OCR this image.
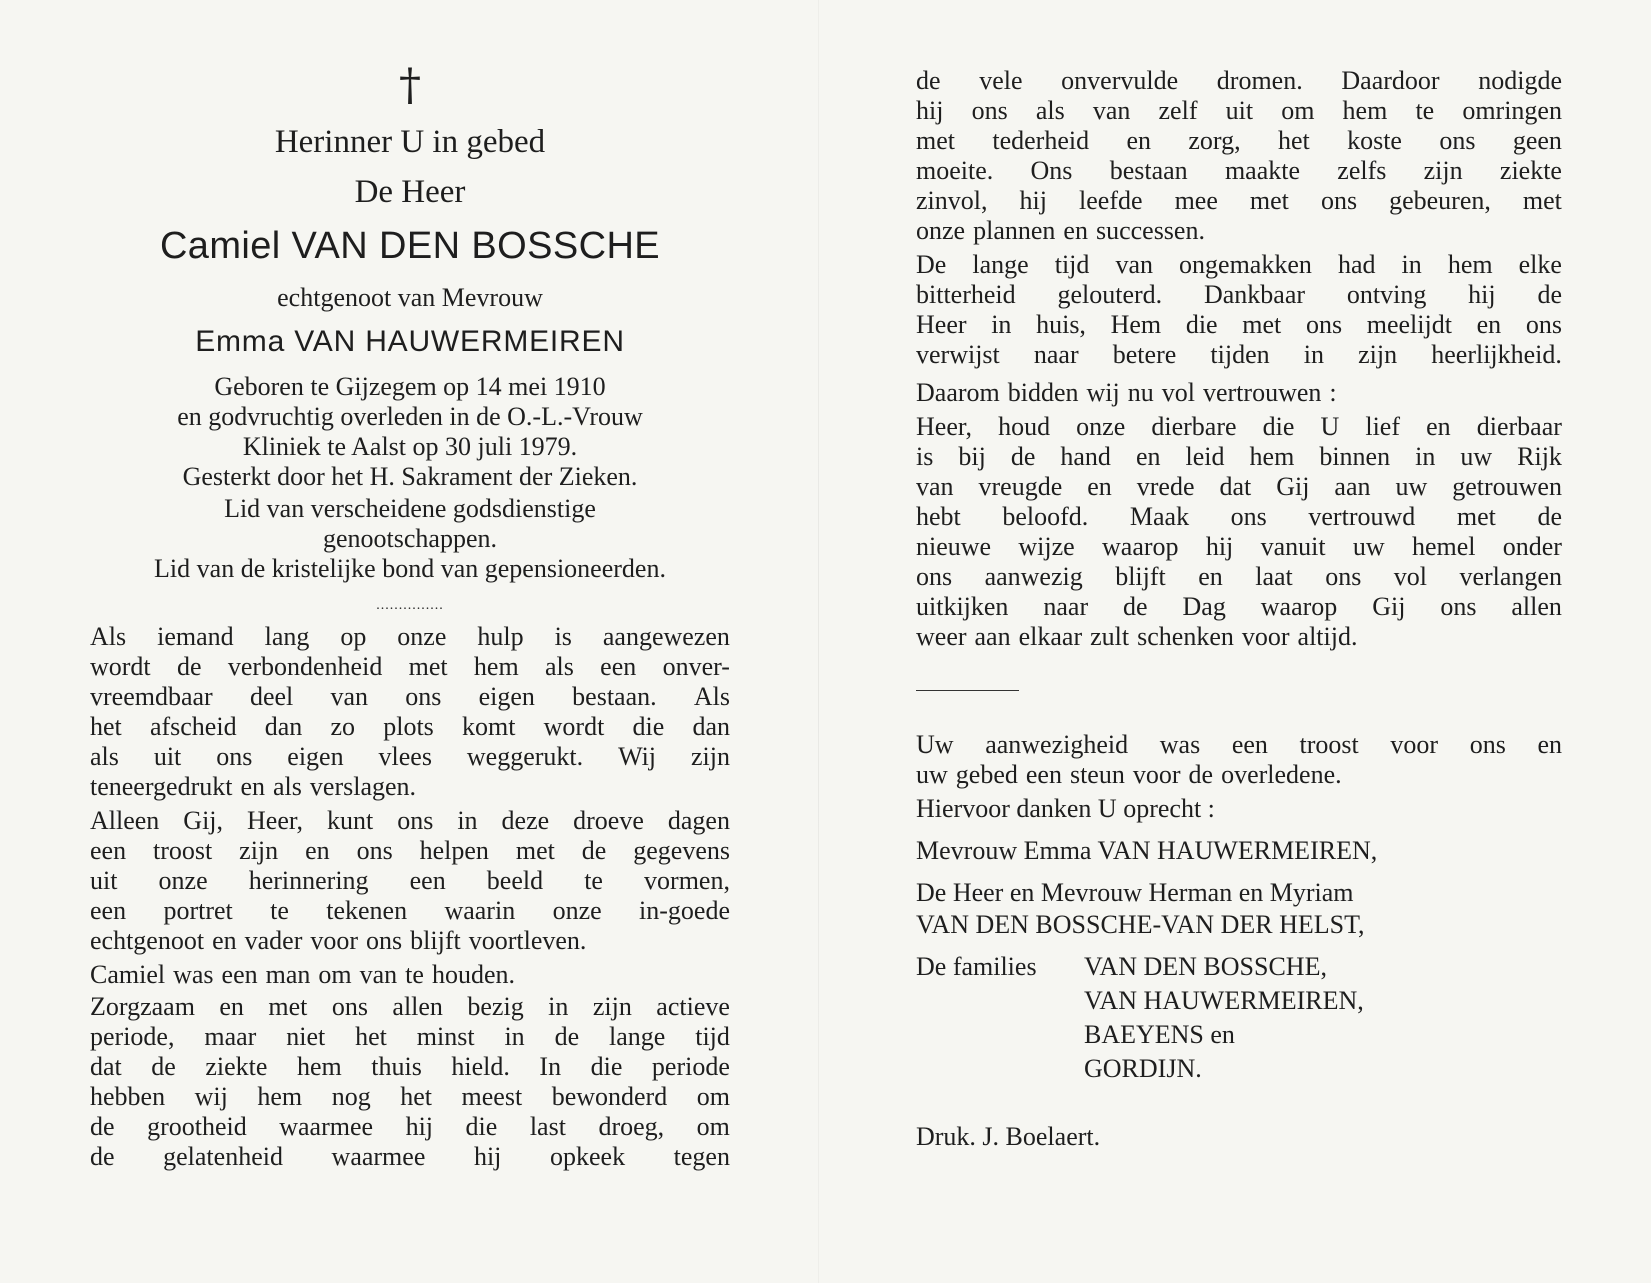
†
Herinner U in gebed
De Heer
Camiel VAN DEN BOSSCHE
echtgenoot van Mevrouw
Emma VAN HAUWERMEIREN
Geboren te Gijzegem op 14 mei 1910
en godvruchtig overleden in de O.-L.-Vrouw
Kliniek te Aalst op 30 juli 1979.
Gesterkt door het H. Sakrament der Zieken.
Lid van verscheidene godsdienstige
genootschappen.
Lid van de kristelijke bond van gepensioneerden.
...............
Als iemand lang op onze hulp is aangewezen
wordt de verbondenheid met hem als een onver-
vreemdbaar deel van ons eigen bestaan. Als
het afscheid dan zo plots komt wordt die dan
als uit ons eigen vlees weggerukt. Wij zijn
teneergedrukt en als verslagen.
Alleen Gij, Heer, kunt ons in deze droeve dagen
een troost zijn en ons helpen met de gegevens
uit onze herinnering een beeld te vormen,
een portret te tekenen waarin onze in-goede
echtgenoot en vader voor ons blijft voortleven.
Camiel was een man om van te houden.
Zorgzaam en met ons allen bezig in zijn actieve
periode, maar niet het minst in de lange tijd
dat de ziekte hem thuis hield. In die periode
hebben wij hem nog het meest bewonderd om
de grootheid waarmee hij die last droeg, om
de gelatenheid waarmee hij opkeek tegen
de vele onvervulde dromen. Daardoor nodigde
hij ons als van zelf uit om hem te omringen
met tederheid en zorg, het koste ons geen
moeite. Ons bestaan maakte zelfs zijn ziekte
zinvol, hij leefde mee met ons gebeuren, met
onze plannen en successen.
De lange tijd van ongemakken had in hem elke
bitterheid gelouterd. Dankbaar ontving hij de
Heer in huis, Hem die met ons meelijdt en ons
verwijst naar betere tijden in zijn heerlijkheid.
Daarom bidden wij nu vol vertrouwen :
Heer, houd onze dierbare die U lief en dierbaar
is bij de hand en leid hem binnen in uw Rijk
van vreugde en vrede dat Gij aan uw getrouwen
hebt beloofd. Maak ons vertrouwd met de
nieuwe wijze waarop hij vanuit uw hemel onder
ons aanwezig blijft en laat ons vol verlangen
uitkijken naar de Dag waarop Gij ons allen
weer aan elkaar zult schenken voor altijd.
Uw aanwezigheid was een troost voor ons en
uw gebed een steun voor de overledene.
Hiervoor danken U oprecht :
Mevrouw Emma VAN HAUWERMEIREN,
De Heer en Mevrouw Herman en Myriam
VAN DEN BOSSCHE-VAN DER HELST,
De families	VAN DEN BOSSCHE,
VAN HAUWERMEIREN,
BAEYENS en
GORDIJN.
Druk. J. Boelaert.
